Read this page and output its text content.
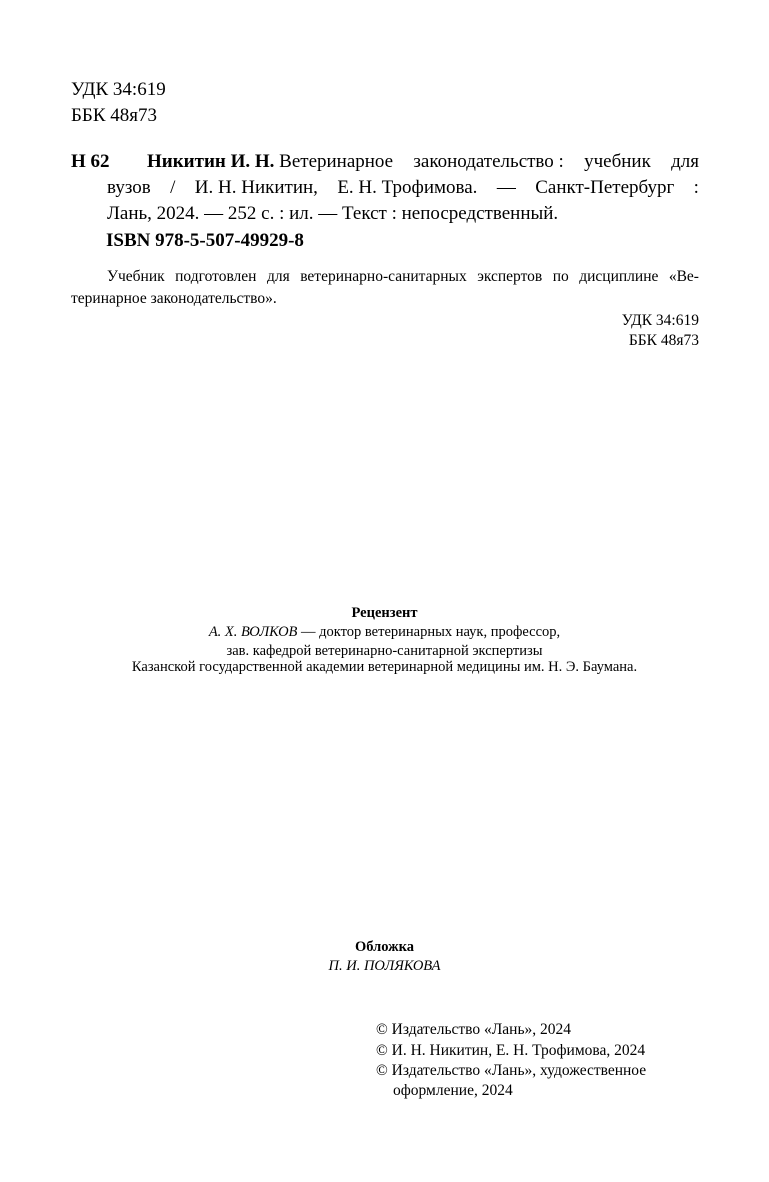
УДК 34:619
ББК 48я73
Н 62 Никитин И. Н. Ветеринарное законодательство : учебник для
вузов / И. Н. Никитин, Е. Н. Трофимова. — Санкт-Петербург :
Лань, 2024. — 252 с. : ил. — Текст : непосредственный.
ISBN 978-5-507-49929-8
Учебник подготовлен для ветеринарно-санитарных экспертов по дисциплине «Ве-
теринарное законодательство».
УДК 34:619
ББК 48я73
Рецензент
А. Х. ВОЛКОВ — доктор ветеринарных наук, профессор,
зав. кафедрой ветеринарно-санитарной экспертизы
Казанской государственной академии ветеринарной медицины им. Н. Э. Баумана.
Обложка
П. И. ПОЛЯКОВА
© Издательство «Лань», 2024
© И. Н. Никитин, Е. Н. Трофимова, 2024
© Издательство «Лань», художественное
оформление, 2024
